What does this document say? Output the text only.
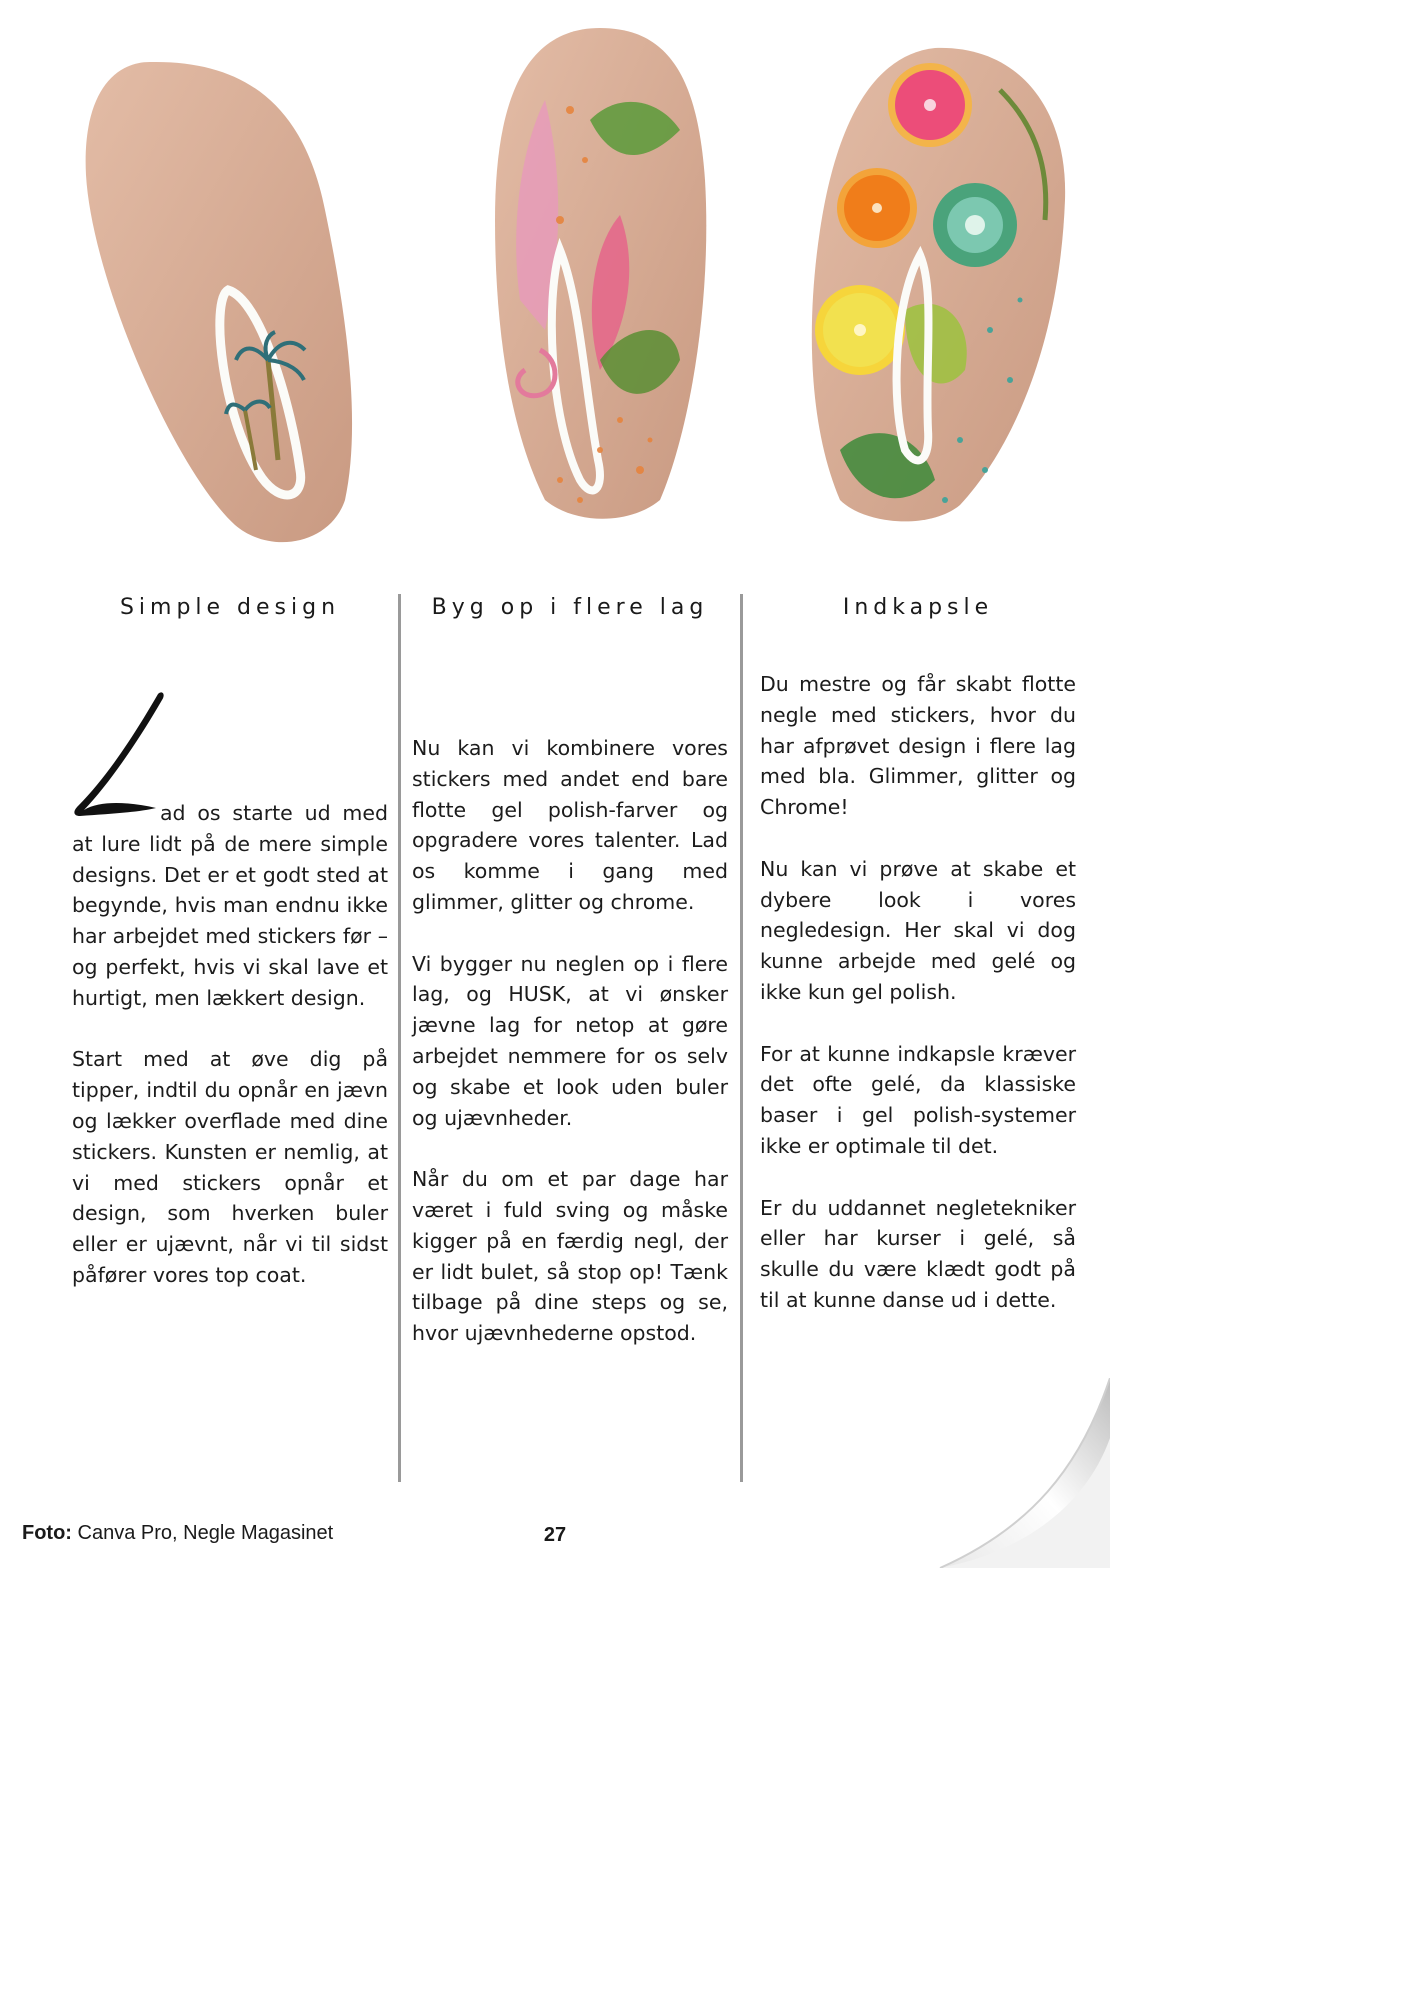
Simple design	Byg op i flere lag	Indkapsle

ad os starte ud med at lure lidt på de mere simple designs. Det er et godt sted at begynde, hvis man endnu ikke har arbejdet med stickers før – og perfekt, hvis vi skal lave et hurtigt, men lækkert design.

Start med at øve dig på tipper, indtil du opnår en jævn og lækker overflade med dine stickers. Kunsten er nemlig, at vi med stickers opnår et design, som hverken buler eller er ujævnt, når vi til sidst påfører vores top coat.

Nu kan vi kombinere vores stickers med andet end bare flotte gel polish-farver og opgradere vores talenter. Lad os komme i gang med glimmer, glitter og chrome.

Vi bygger nu neglen op i flere lag, og HUSK, at vi ønsker jævne lag for netop at gøre arbejdet nemmere for os selv og skabe et look uden buler og ujævnheder.

Når du om et par dage har været i fuld sving og måske kigger på en færdig negl, der er lidt bulet, så stop op! Tænk tilbage på dine steps og se, hvor ujævnhederne opstod.

Du mestre og får skabt flotte negle med stickers, hvor du har afprøvet design i flere lag med bla. Glimmer, glitter og Chrome!

Nu kan vi prøve at skabe et dybere look i vores negledesign. Her skal vi dog kunne arbejde med gelé og ikke kun gel polish.

For at kunne indkapsle kræver det ofte gelé, da klassiske baser i gel polish-systemer ikke er optimale til det.

Er du uddannet negletekniker eller har kurser i gelé, så skulle du være klædt godt på til at kunne danse ud i dette.

Foto: Canva Pro, Negle Magasinet	27
